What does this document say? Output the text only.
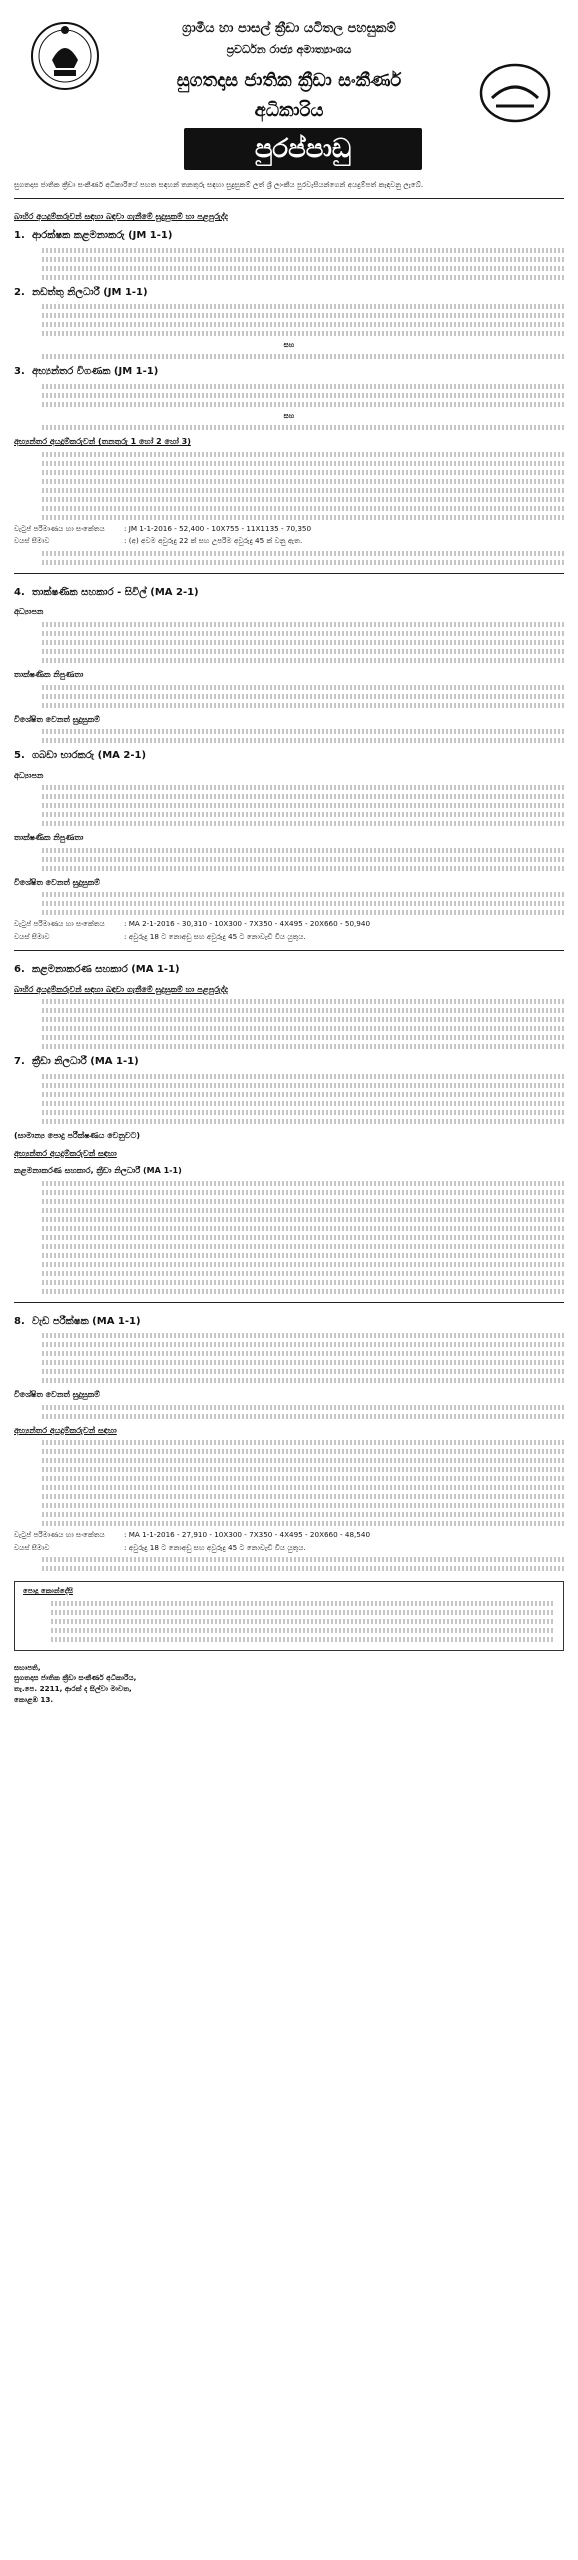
ග්‍රාමීය හා පාසල් ක්‍රීඩා යටිතල පහසුකම්
ප්‍රවර්ධන රාජ්‍ය අමාත්‍යාංශය
සුගතදාස ජාතික ක්‍රීඩා සංකීර්ණ
අධිකාරිය
පුරප්පාඩු
සුගතදාස ජාතික ක්‍රීඩා සංකීර්ණ අධිකාරියේ පහත සඳහන් තනතුරු සඳහා සුදුසුකම් ලත් ශ්‍රී ලාංකීය පුරවැසියන්ගෙන් අයදුම්පත් කැඳවනු ලැබේ.
බාහිර අයදුම්කරුවන් සඳහා බඳවා ගැනීමේ සුදුසුකම් හා පළපුරුද්ද
1. ආරක්ෂක කළමනාකරු (JM 1-1)
2. නඩත්තු නිලධාරී (JM 1-1)
සහ
3. අභ්‍යන්තර විගණක (JM 1-1)
සහ
අභ්‍යන්තර අයදුම්කරුවන් (තනතුරු 1 හෝ 2 හෝ 3)
වැටුප් පරිමාණය හා සංකේතය	: JM 1-1-2016 - 52,400 - 10X755 - 11X1135 - 70,350
වයස් සීමාව	: (අ) අවම අවුරුදු 22 ක් සහ උපරිම අවුරුදු 45 ක් වනු ඇත.
4. තාක්ෂණික සහකාර - සිවිල් (MA 2-1)
අධ්‍යාපන
තාක්ෂණික නිපුණතා
විශේෂිත වෙනත් සුදුසුකම්
5. ගබඩා භාරකරු (MA 2-1)
අධ්‍යාපන
තාක්ෂණික නිපුණතා
විශේෂිත වෙනත් සුදුසුකම්
වැටුප් පරිමාණය හා සංකේතය	: MA 2-1-2016 - 30,310 - 10X300 - 7X350 - 4X495 - 20X660 - 50,940
වයස් සීමාව	: අවුරුදු 18 ට නොඅඩු සහ අවුරුදු 45 ට නොවැඩි විය යුතුය.
6. කළමනාකරණ සහකාර (MA 1-1)
බාහිර අයදුම්කරුවන් සඳහා බඳවා ගැනීමේ සුදුසුකම් හා පළපුරුද්ද
7. ක්‍රීඩා නිලධාරී (MA 1-1)
(සාමාන්‍ය පොදු පරීක්ෂණය වෙනුවට)
අභ්‍යන්තර අයදුම්කරුවන් සඳහා
කළමනාකරණ සහකාර, ක්‍රීඩා නිලධාරී (MA 1-1)
8. වැඩ පරීක්ෂක (MA 1-1)
විශේෂිත වෙනත් සුදුසුකම්
අභ්‍යන්තර අයදුම්කරුවන් සඳහා
වැටුප් පරිමාණය හා සංකේතය	: MA 1-1-2016 - 27,910 - 10X300 - 7X350 - 4X495 - 20X660 - 48,540
වයස් සීමාව	: අවුරුදු 18 ට නොඅඩු සහ අවුරුදු 45 ට නොවැඩි විය යුතුය.
පොදු කොන්දේසි
සභාපති,
සුගතදාස ජාතික ක්‍රීඩා සංකීර්ණ අධිකාරිය,
තැ.පෙ. 2211, ආරක් ද සිල්වා මාවත,
කොළඹ 13.
